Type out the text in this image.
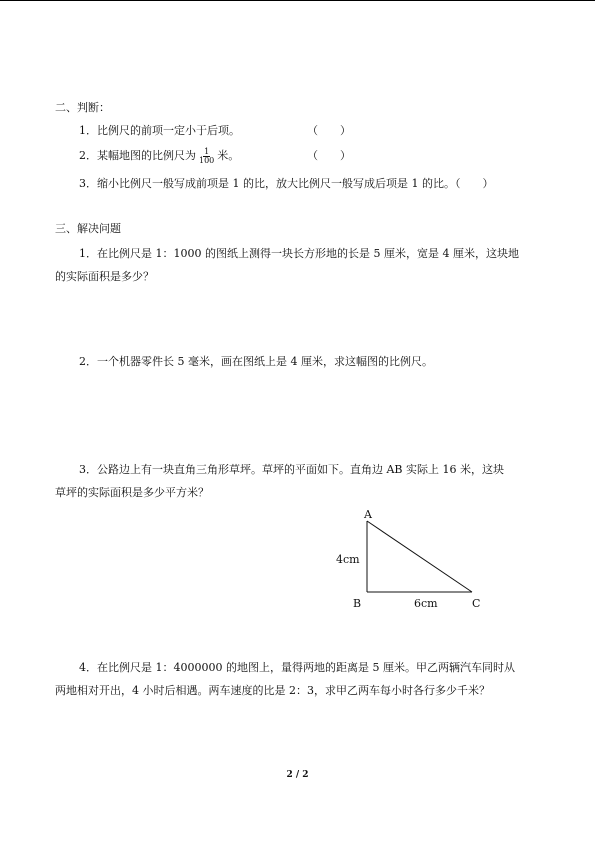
二、判断：
1．比例尺的前项一定小于后项。	（　　）
2．某幅地图的比例尺为 $\frac{1}{100}$ 米。	（　　）
3．缩小比例尺一般写成前项是 1 的比，放大比例尺一般写成后项是 1 的比。（　　）
三、解决问题
1．在比例尺是 1：1000 的图纸上测得一块长方形地的长是 5 厘米，宽是 4 厘米，这块地
的实际面积是多少？
2．一个机器零件长 5 毫米，画在图纸上是 4 厘米，求这幅图的比例尺。
3．公路边上有一块直角三角形草坪。草坪的平面如下。直角边 AB 实际上 16 米，这块
草坪的实际面积是多少平方米？
A
4cm
B	6cm	C
4．在比例尺是 1：4000000 的地图上，量得两地的距离是 5 厘米。甲乙两辆汽车同时从
两地相对开出，4 小时后相遇。两车速度的比是 2：3，求甲乙两车每小时各行多少千米？
2 / 2
